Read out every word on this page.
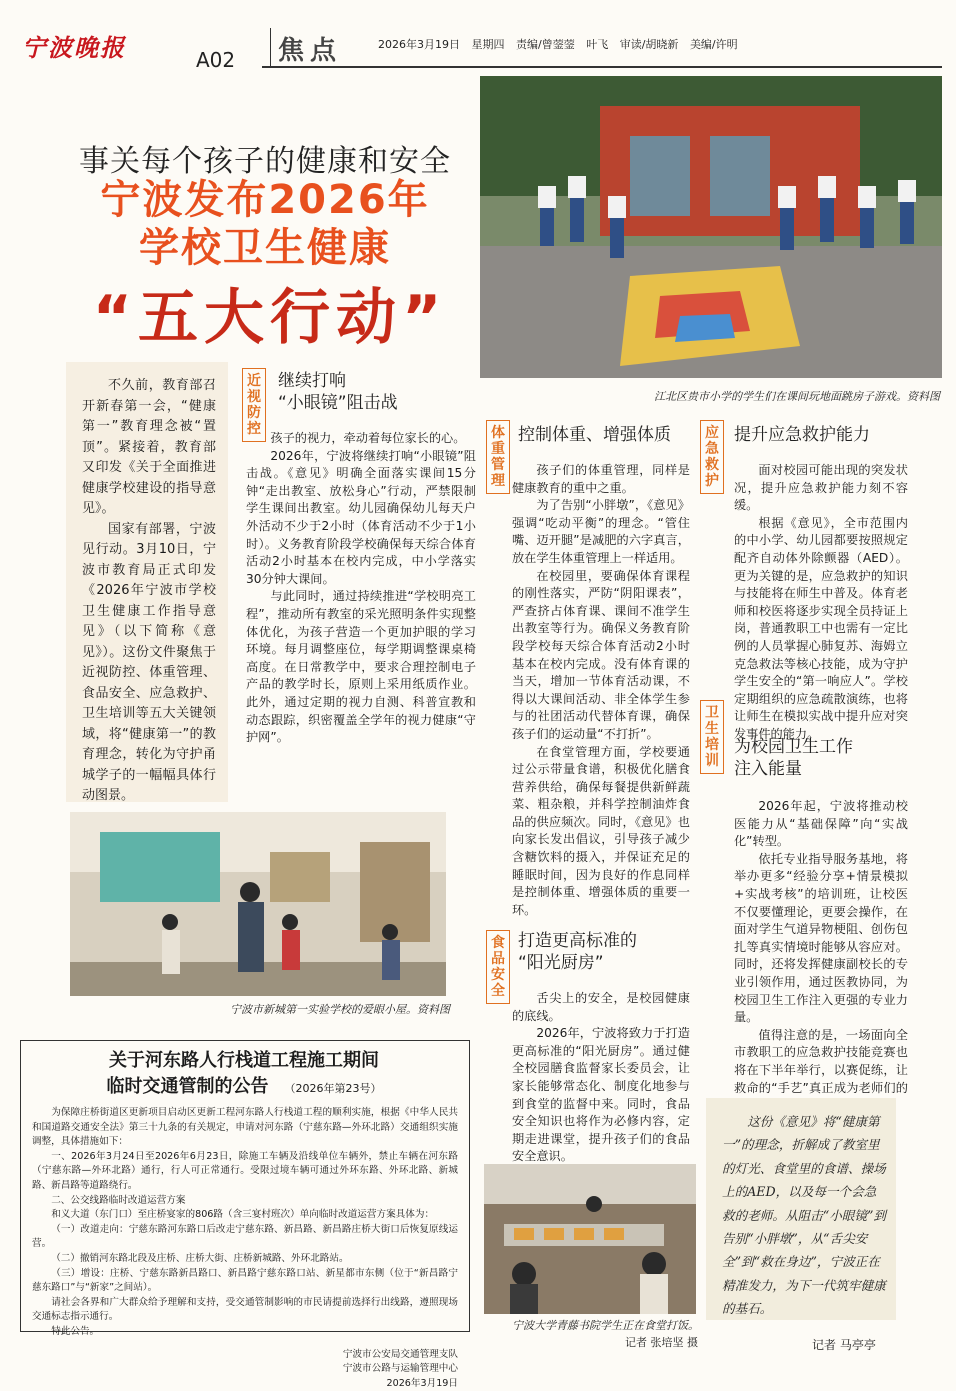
宁波晚报	A02 焦点	2026年3月19日 星期四 责编/曾蓥蓥 叶飞 审读/胡晓新 美编/许明
事关每个孩子的健康和安全
宁波发布2026年
学校卫生健康
“五大行动”
江北区贵市小学的学生们在课间玩地面跳房子游戏。资料图

不久前，教育部召开新春第一会，“健康第一”教育理念被“置顶”。紧接着，教育部又印发《关于全面推进健康学校建设的指导意见》。

国家有部署，宁波见行动。3月10日，宁波市教育局正式印发《2026年宁波市学校卫生健康工作指导意见》（以下简称《意见》）。这份文件聚焦于近视防控、体重管理、食品安全、应急救护、卫生培训等五大关键领域，将“健康第一”的教育理念，转化为守护甬城学子的一幅幅具体行动图景。

近视防控
继续打响
“小眼镜”阻击战

孩子的视力，牵动着每位家长的心。

2026年，宁波将继续打响“小眼镜”阻击战。《意见》明确全面落实课间15分钟“走出教室、放松身心”行动，严禁限制学生课间出教室。幼儿园确保幼儿每天户外活动不少于2小时（体育活动不少于1小时）。义务教育阶段学校确保每天综合体育活动2小时基本在校内完成，中小学落实30分钟大课间。

与此同时，通过持续推进“学校明亮工程”，推动所有教室的采光照明条件实现整体优化，为孩子营造一个更加护眼的学习环境。每月调整座位，每学期调整课桌椅高度。在日常教学中，要求合理控制电子产品的教学时长，原则上采用纸质作业。此外，通过定期的视力自测、科普宣教和动态跟踪，织密覆盖全学年的视力健康“守护网”。

宁波市新城第一实验学校的爱眼小屋。资料图
体重管理
控制体重、增强体质

孩子们的体重管理，同样是健康教育的重中之重。

为了告别“小胖墩”，《意见》强调“吃动平衡”的理念。“管住嘴、迈开腿”是减肥的六字真言，放在学生体重管理上一样适用。

在校园里，要确保体育课程的刚性落实，严防“阴阳课表”，严查挤占体育课、课间不准学生出教室等行为。确保义务教育阶段学校每天综合体育活动2小时基本在校内完成。没有体育课的当天，增加一节体育活动课，不得以大课间活动、非全体学生参与的社团活动代替体育课，确保孩子们的运动量“不打折”。

在食堂管理方面，学校要通过公示带量食谱，积极优化膳食营养供给，确保每餐提供新鲜蔬菜、粗杂粮，并科学控制油炸食品的供应频次。同时，《意见》也向家长发出倡议，引导孩子减少含糖饮料的摄入，并保证充足的睡眠时间，因为良好的作息同样是控制体重、增强体质的重要一环。

食品安全
打造更高标准的
“阳光厨房”

舌尖上的安全，是校园健康的底线。

2026年，宁波将致力于打造更高标准的“阳光厨房”。通过健全校园膳食监督家长委员会，让家长能够常态化、制度化地参与到食堂的监督中来。同时，食品安全知识也将作为必修内容，定期走进课堂，提升孩子们的食品安全意识。

应急救护
提升应急救护能力

面对校园可能出现的突发状况，提升应急救护能力刻不容缓。

根据《意见》，全市范围内的中小学、幼儿园都要按照规定配齐自动体外除颤器（AED）。更为关键的是，应急救护的知识与技能将在师生中普及。体育老师和校医将逐步实现全员持证上岗，普通教职工中也需有一定比例的人员掌握心肺复苏、海姆立克急救法等核心技能，成为守护学生安全的“第一响应人”。学校定期组织的应急疏散演练，也将让师生在模拟实战中提升应对突发事件的能力。

卫生培训
为校园卫生工作
注入能量

2026年起，宁波将推动校医能力从“基础保障”向“实战化”转型。

依托专业指导服务基地，将举办更多“经验分享+情景模拟+实战考核”的培训班，让校医不仅要懂理论，更要会操作，在面对学生气道异物梗阻、创伤包扎等真实情境时能够从容应对。同时，还将发挥健康副校长的专业引领作用，通过医教协同，为校园卫生工作注入更强的专业力量。

值得注意的是，一场面向全市教职工的应急救护技能竞赛也将在下半年举行，以赛促练，让救命的“手艺”真正成为老师们的

宁波大学青藤书院学生正在食堂打饭。
记者 张培坚 摄

这份《意见》将“健康第一”的理念，折解成了教室里的灯光、食堂里的食谱、操场上的AED，以及每一个会急救的老师。从阻击“小眼镜”到告别“小胖墩”，从“舌尖安全”到“救在身边”，宁波正在精准发力，为下一代筑牢健康的基石。

记者 马亭亭
关于河东路人行栈道工程施工期间
临时交通管制的公告 （2026年第23号）

为保障庄桥街道区更新项目启动区更新工程河东路人行栈道工程的顺利实施，根据《中华人民共和国道路交通安全法》第三十九条的有关规定，申请对河东路（宁慈东路—外环北路）交通组织实施调整，具体措施如下：

一、2026年3月24日至2026年6月23日，除施工车辆及沿线单位车辆外，禁止车辆在河东路（宁慈东路—外环北路）通行，行人可正常通行。受限过境车辆可通过外环东路、外环北路、新城路、新昌路等道路绕行。

二、公交线路临时改道运营方案

和义大道（东门口）至庄桥宴家的806路（含三宴村班次）单向临时改道运营方案具体为：

（一）改道走向：宁慈东路河东路口后改走宁慈东路、新昌路、新昌路庄桥大街口后恢复原线运营。

（二）撤销河东路北段及庄桥、庄桥大街、庄桥新城路、外环北路站。

（三）增设：庄桥、宁慈东路新昌路口、新昌路宁慈东路口站、新星都市东侧（位于“新昌路宁慈东路口”与“新家”之间站）。

请社会各界和广大群众给予理解和支持，受交通管制影响的市民请提前选择行出线路，遵照现场交通标志指示通行。

特此公告。

宁波市公安局交通管理支队

宁波市公路与运输管理中心

2026年3月19日
